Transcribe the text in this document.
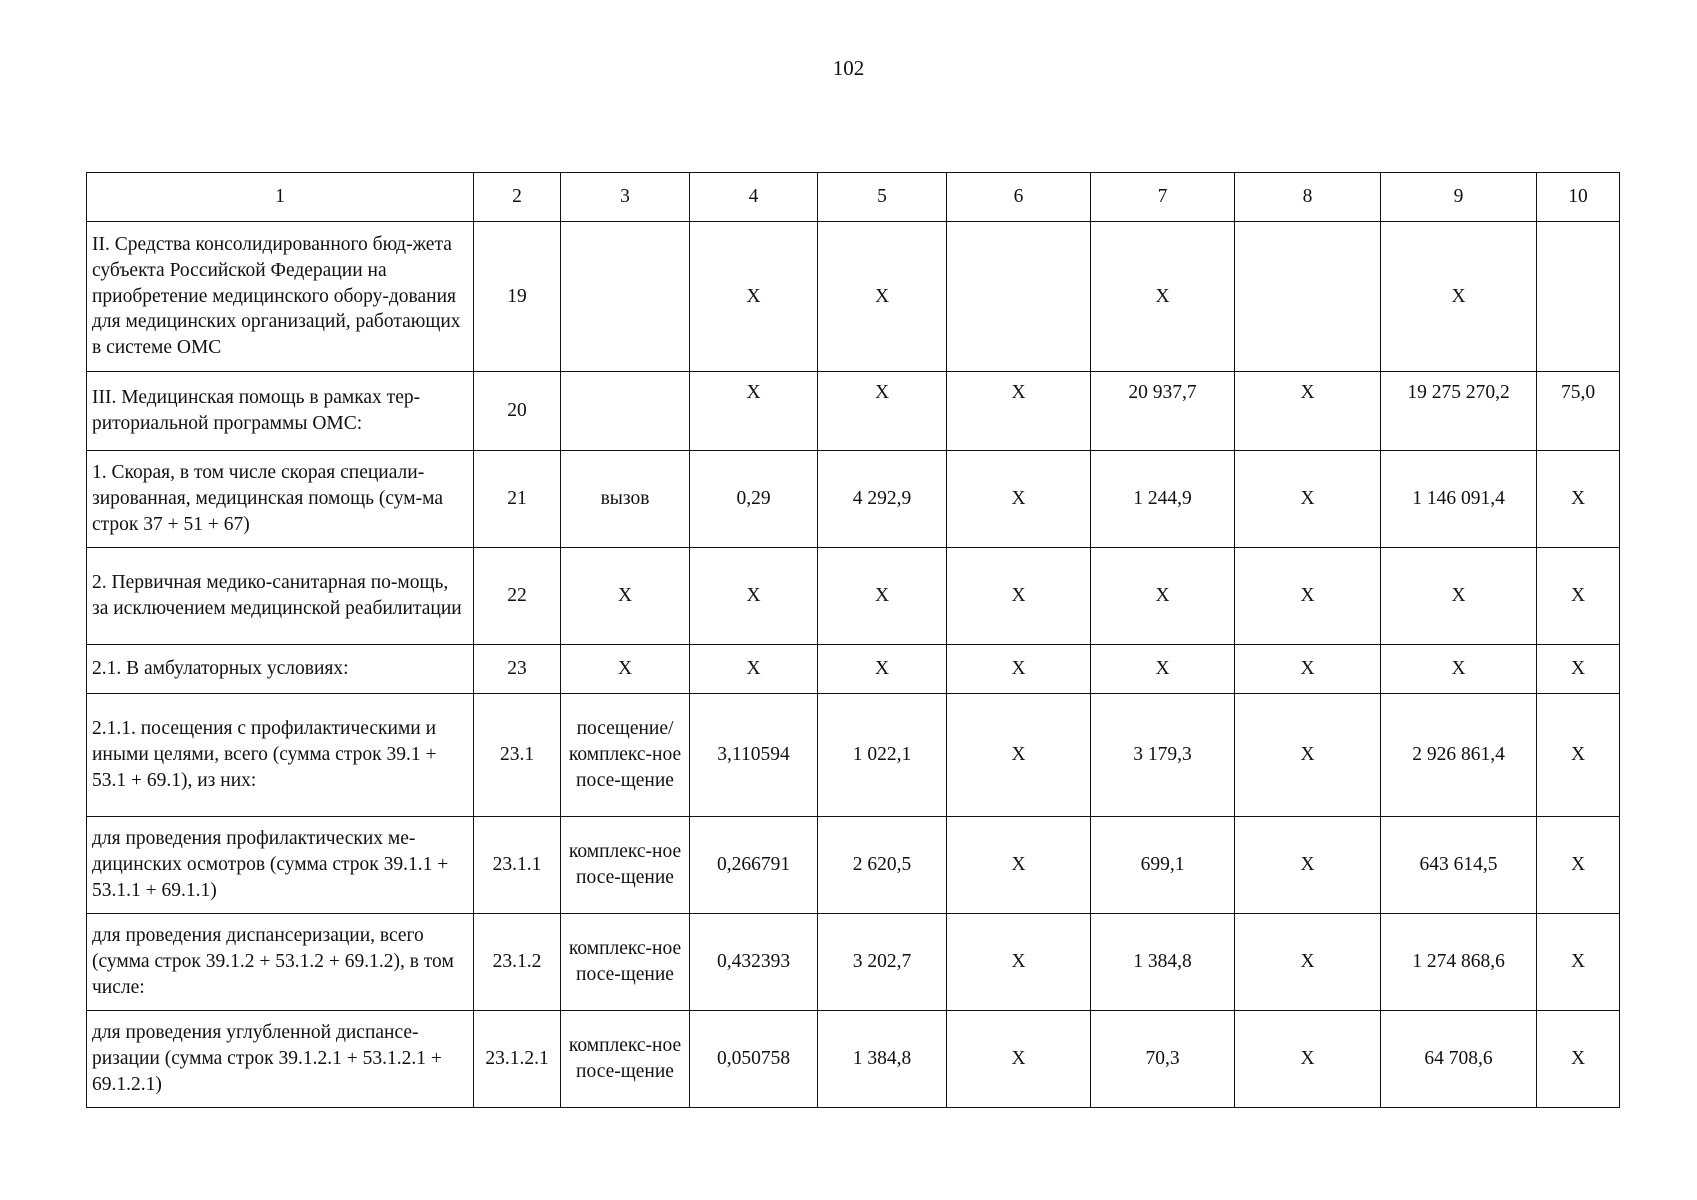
102
1	2	3	4	5	6	7	8	9	10
II. Средства консолидированного бюд-жета субъекта Российской Федерации на приобретение медицинского обору-дования для медицинских организаций, работающих в системе ОМС	19		X	X		X		X	
III. Медицинская помощь в рамках тер-риториальной программы ОМС:	20		X	X	X	20 937,7	X	19 275 270,2	75,0
1. Скорая, в том числе скорая специали-зированная, медицинская помощь (сум-ма строк 37 + 51 + 67)	21	вызов	0,29	4 292,9	X	1 244,9	X	1 146 091,4	X
2. Первичная медико-санитарная по-мощь, за исключением медицинской реабилитации	22	X	X	X	X	X	X	X	X
2.1. В амбулаторных условиях:	23	X	X	X	X	X	X	X	X
2.1.1. посещения с профилактическими и иными целями, всего (сумма строк 39.1 + 53.1 + 69.1), из них:	23.1	посещение/ комплекс-ное посе-щение	3,110594	1 022,1	X	3 179,3	X	2 926 861,4	X
для проведения профилактических ме-дицинских осмотров (сумма строк 39.1.1 + 53.1.1 + 69.1.1)	23.1.1	комплекс-ное посе-щение	0,266791	2 620,5	X	699,1	X	643 614,5	X
для проведения диспансеризации, всего (сумма строк 39.1.2 + 53.1.2 + 69.1.2), в том числе:	23.1.2	комплекс-ное посе-щение	0,432393	3 202,7	X	1 384,8	X	1 274 868,6	X
для проведения углубленной диспансе-ризации (сумма строк 39.1.2.1 + 53.1.2.1 + 69.1.2.1)	23.1.2.1	комплекс-ное посе-щение	0,050758	1 384,8	X	70,3	X	64 708,6	X
